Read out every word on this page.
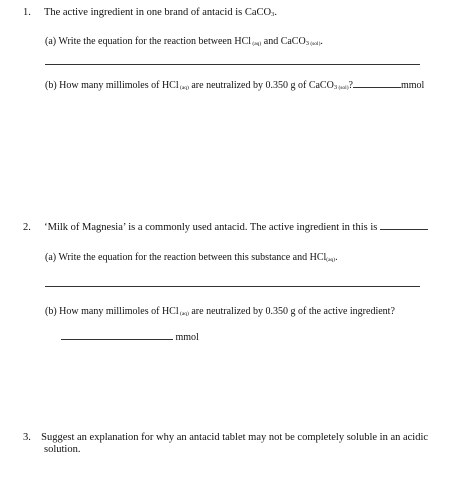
1. The active ingredient in one brand of antacid is CaCO3.
(a) Write the equation for the reaction between HCl (aq) and CaCO3 (sol).
(b) How many millimoles of HCl (aq) are neutralized by 0.350 g of CaCO3 (sol)?	mmol
2. ‘Milk of Magnesia’ is a commonly used antacid. The active ingredient in this is
(a) Write the equation for the reaction between this substance and HCl(aq).
(b) How many millimoles of HCl (aq) are neutralized by 0.350 g of the active ingredient?
mmol
3. Suggest an explanation for why an antacid tablet may not be completely soluble in an acidic
solution.
